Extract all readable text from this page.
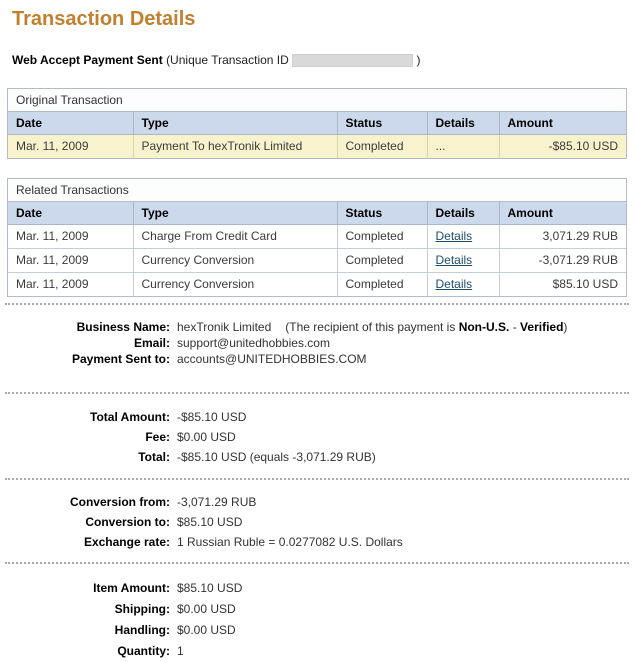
Transaction Details
Web Accept Payment Sent (Unique Transaction ID	)
Original Transaction
Date	Type	Status	Details	Amount
Mar. 11, 2009	Payment To hexTronik Limited	Completed	...	-$85.10 USD
Related Transactions
Date	Type	Status	Details	Amount
Mar. 11, 2009	Charge From Credit Card	Completed	Details	3,071.29 RUB
Mar. 11, 2009	Currency Conversion	Completed	Details	-3,071.29 RUB
Mar. 11, 2009	Currency Conversion	Completed	Details	$85.10 USD
Business Name: hexTronik Limited (The recipient of this payment is Non-U.S. - Verified)
Email: support@unitedhobbies.com
Payment Sent to: accounts@UNITEDHOBBIES.COM
Total Amount: -$85.10 USD
Fee: $0.00 USD
Total: -$85.10 USD (equals -3,071.29 RUB)
Conversion from: -3,071.29 RUB
Conversion to: $85.10 USD
Exchange rate: 1 Russian Ruble = 0.0277082 U.S. Dollars
Item Amount: $85.10 USD
Shipping: $0.00 USD
Handling: $0.00 USD
Quantity: 1
